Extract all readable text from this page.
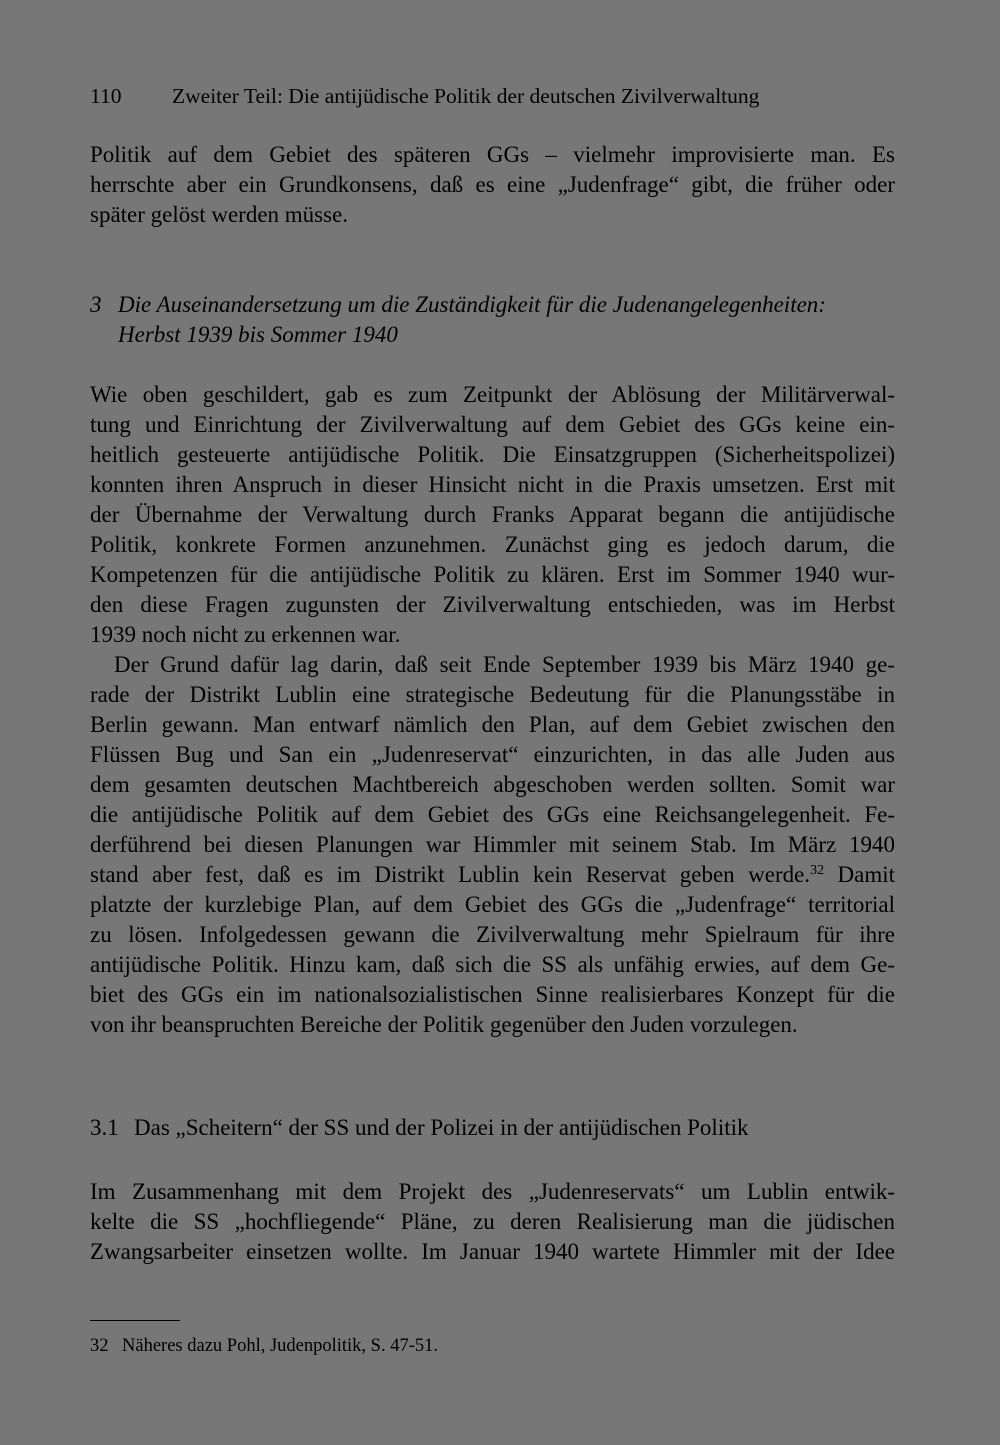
110 Zweiter Teil: Die antijüdische Politik der deutschen Zivilverwaltung
Politik auf dem Gebiet des späteren GGs – vielmehr improvisierte man. Es
herrschte aber ein Grundkonsens, daß es eine „Judenfrage“ gibt, die früher oder
später gelöst werden müsse.
3 Die Auseinandersetzung um die Zuständigkeit für die Judenangelegenheiten:
Herbst 1939 bis Sommer 1940
Wie oben geschildert, gab es zum Zeitpunkt der Ablösung der Militärverwal-
tung und Einrichtung der Zivilverwaltung auf dem Gebiet des GGs keine ein-
heitlich gesteuerte antijüdische Politik. Die Einsatzgruppen (Sicherheitspolizei)
konnten ihren Anspruch in dieser Hinsicht nicht in die Praxis umsetzen. Erst mit
der Übernahme der Verwaltung durch Franks Apparat begann die antijüdische
Politik, konkrete Formen anzunehmen. Zunächst ging es jedoch darum, die
Kompetenzen für die antijüdische Politik zu klären. Erst im Sommer 1940 wur-
den diese Fragen zugunsten der Zivilverwaltung entschieden, was im Herbst
1939 noch nicht zu erkennen war.
Der Grund dafür lag darin, daß seit Ende September 1939 bis März 1940 ge-
rade der Distrikt Lublin eine strategische Bedeutung für die Planungsstäbe in
Berlin gewann. Man entwarf nämlich den Plan, auf dem Gebiet zwischen den
Flüssen Bug und San ein „Judenreservat“ einzurichten, in das alle Juden aus
dem gesamten deutschen Machtbereich abgeschoben werden sollten. Somit war
die antijüdische Politik auf dem Gebiet des GGs eine Reichsangelegenheit. Fe-
derführend bei diesen Planungen war Himmler mit seinem Stab. Im März 1940
stand aber fest, daß es im Distrikt Lublin kein Reservat geben werde.$^{32}$ Damit
platzte der kurzlebige Plan, auf dem Gebiet des GGs die „Judenfrage“ territorial
zu lösen. Infolgedessen gewann die Zivilverwaltung mehr Spielraum für ihre
antijüdische Politik. Hinzu kam, daß sich die SS als unfähig erwies, auf dem Ge-
biet des GGs ein im nationalsozialistischen Sinne realisierbares Konzept für die
von ihr beanspruchten Bereiche der Politik gegenüber den Juden vorzulegen.
3.1 Das „Scheitern“ der SS und der Polizei in der antijüdischen Politik
Im Zusammenhang mit dem Projekt des „Judenreservats“ um Lublin entwik-
kelte die SS „hochfliegende“ Pläne, zu deren Realisierung man die jüdischen
Zwangsarbeiter einsetzen wollte. Im Januar 1940 wartete Himmler mit der Idee
32 Näheres dazu Pohl, Judenpolitik, S. 47-51.
